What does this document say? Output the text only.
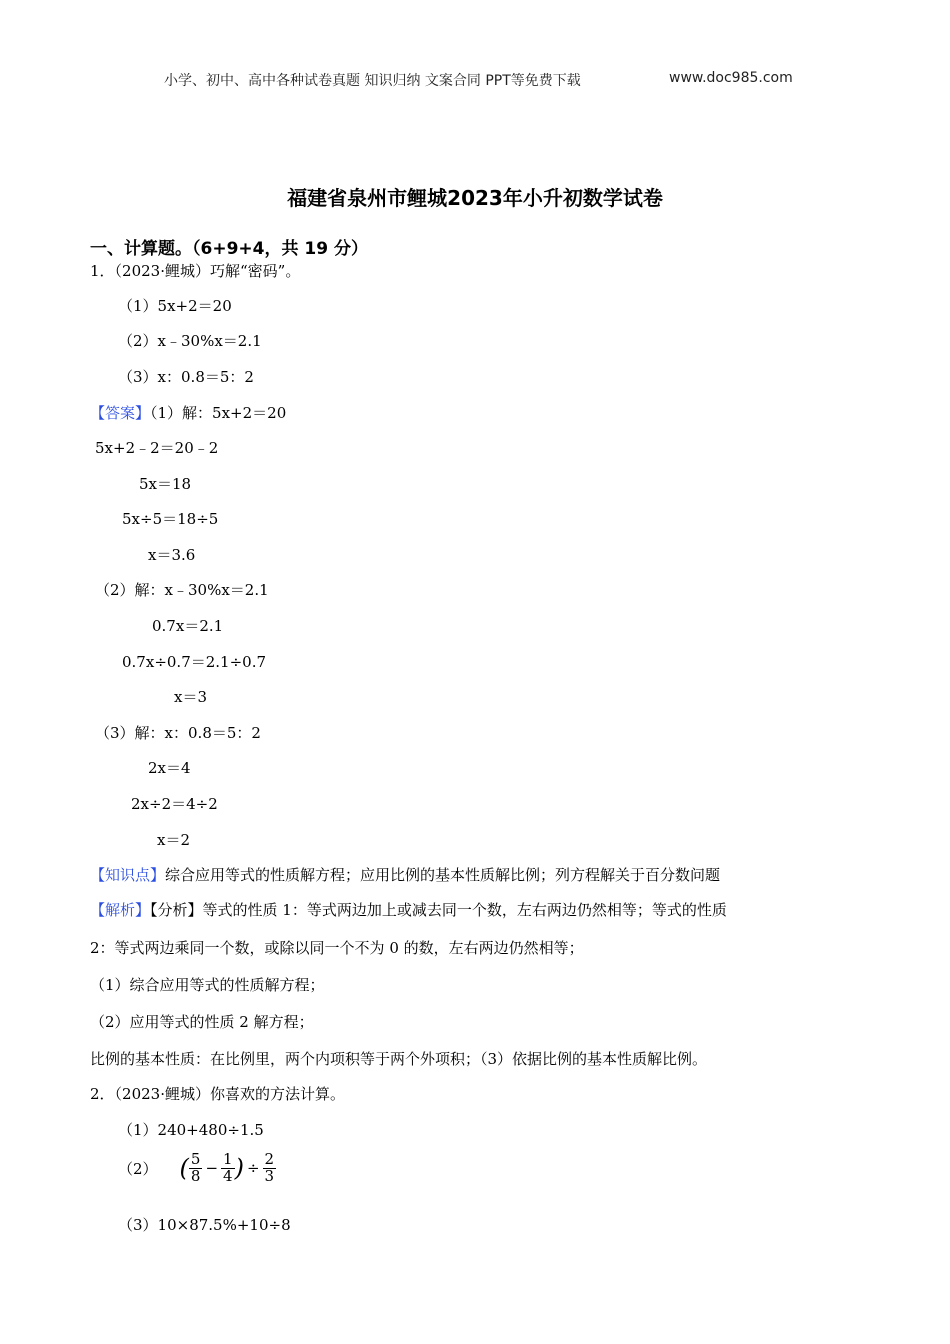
小学、初中、高中各种试卷真题 知识归纳 文案合同 PPT等免费下载	www.doc985.com
福建省泉州市鲤城2023年小升初数学试卷
一、计算题。（6+9+4，共 19 分）
1．（2023·鲤城）巧解“密码”。
（1）5x+2＝20
（2）x﹣30%x＝2.1
（3）x：0.8＝5：2
【答案】（1）解：5x+2＝20
5x+2﹣2＝20﹣2
5x＝18
5x÷5＝18÷5
x＝3.6
（2）解：x﹣30%x＝2.1
0.7x＝2.1
0.7x÷0.7＝2.1÷0.7
x＝3
（3）解：x：0.8＝5：2
2x＝4
2x÷2＝4÷2
x＝2
【知识点】综合应用等式的性质解方程；应用比例的基本性质解比例；列方程解关于百分数问题
【解析】【分析】等式的性质 1：等式两边加上或减去同一个数，左右两边仍然相等；等式的性质
2：等式两边乘同一个数，或除以同一个不为 0 的数，左右两边仍然相等；
（1）综合应用等式的性质解方程；
（2）应用等式的性质 2 解方程；
比例的基本性质：在比例里，两个内项积等于两个外项积；（3）依据比例的基本性质解比例。
2．（2023·鲤城）你喜欢的方法计算。
（1）240+480÷1.5
（2） ( $\frac{5}{8} - \frac{1}{4}$ ) ÷ $\frac{2}{3}$
（3）10×87.5%+10÷8
